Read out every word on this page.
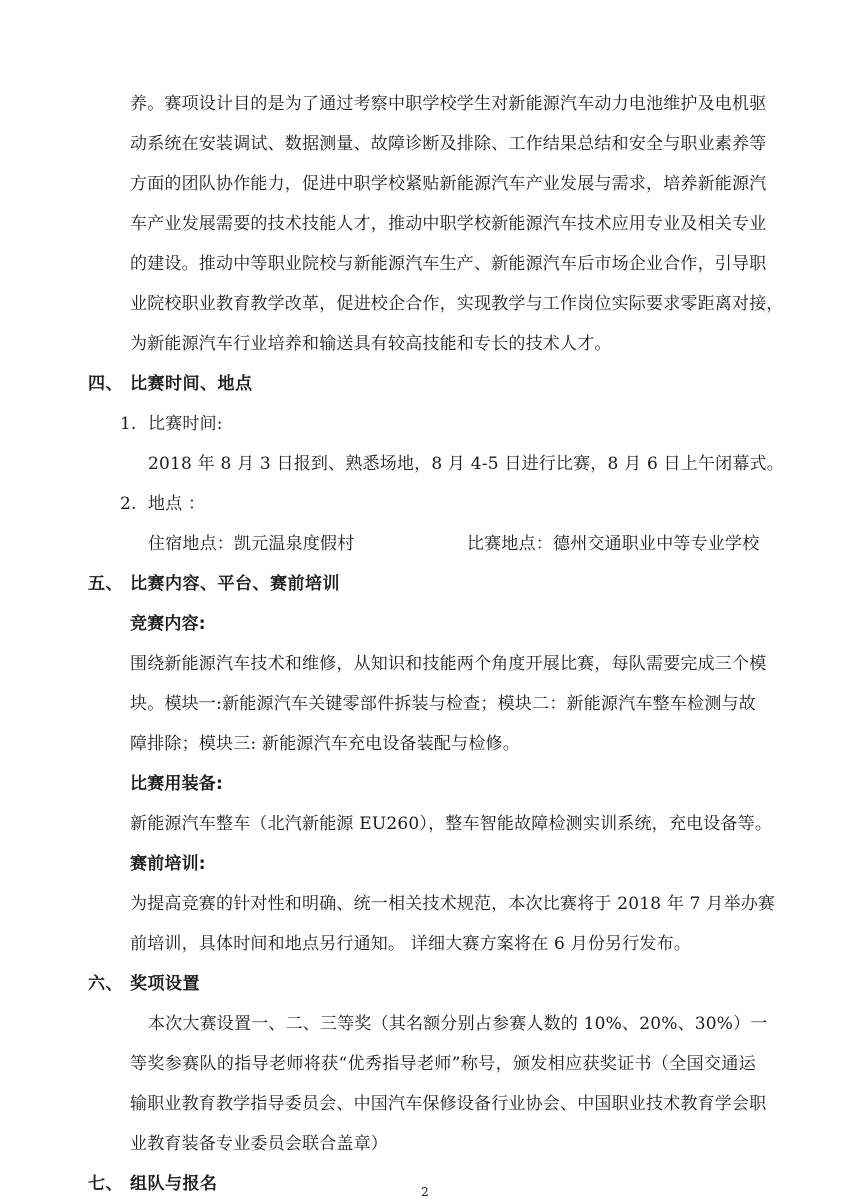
养。赛项设计目的是为了通过考察中职学校学生对新能源汽车动力电池维护及电机驱
动系统在安装调试、数据测量、故障诊断及排除、工作结果总结和安全与职业素养等
方面的团队协作能力，促进中职学校紧贴新能源汽车产业发展与需求，培养新能源汽
车产业发展需要的技术技能人才，推动中职学校新能源汽车技术应用专业及相关专业
的建设。推动中等职业院校与新能源汽车生产、新能源汽车后市场企业合作，引导职
业院校职业教育教学改革，促进校企合作，实现教学与工作岗位实际要求零距离对接，
为新能源汽车行业培养和输送具有较高技能和专长的技术人才。
四、 比赛时间、地点
1. 比赛时间:
2018 年 8 月 3 日报到、熟悉场地，8 月 4-5 日进行比赛，8 月 6 日上午闭幕式。
2. 地点 ：
住宿地点：凯元温泉度假村	比赛地点：德州交通职业中等专业学校
五、 比赛内容、平台、赛前培训
竞赛内容:
围绕新能源汽车技术和维修，从知识和技能两个角度开展比赛，每队需要完成三个模
块。模块一:新能源汽车关键零部件拆装与检查；模块二：新能源汽车整车检测与故
障排除；模块三: 新能源汽车充电设备装配与检修。
比赛用装备:
新能源汽车整车（北汽新能源 EU260），整车智能故障检测实训系统，充电设备等。
赛前培训:
为提高竞赛的针对性和明确、统一相关技术规范，本次比赛将于 2018 年 7 月举办赛
前培训，具体时间和地点另行通知。 详细大赛方案将在 6 月份另行发布。
六、 奖项设置
本次大赛设置一、二、三等奖（其名额分别占参赛人数的 10%、20%、30%）一
等奖参赛队的指导老师将获“优秀指导老师”称号，颁发相应获奖证书（全国交通运
输职业教育教学指导委员会、中国汽车保修设备行业协会、中国职业技术教育学会职
业教育装备专业委员会联合盖章）
七、 组队与报名	2
